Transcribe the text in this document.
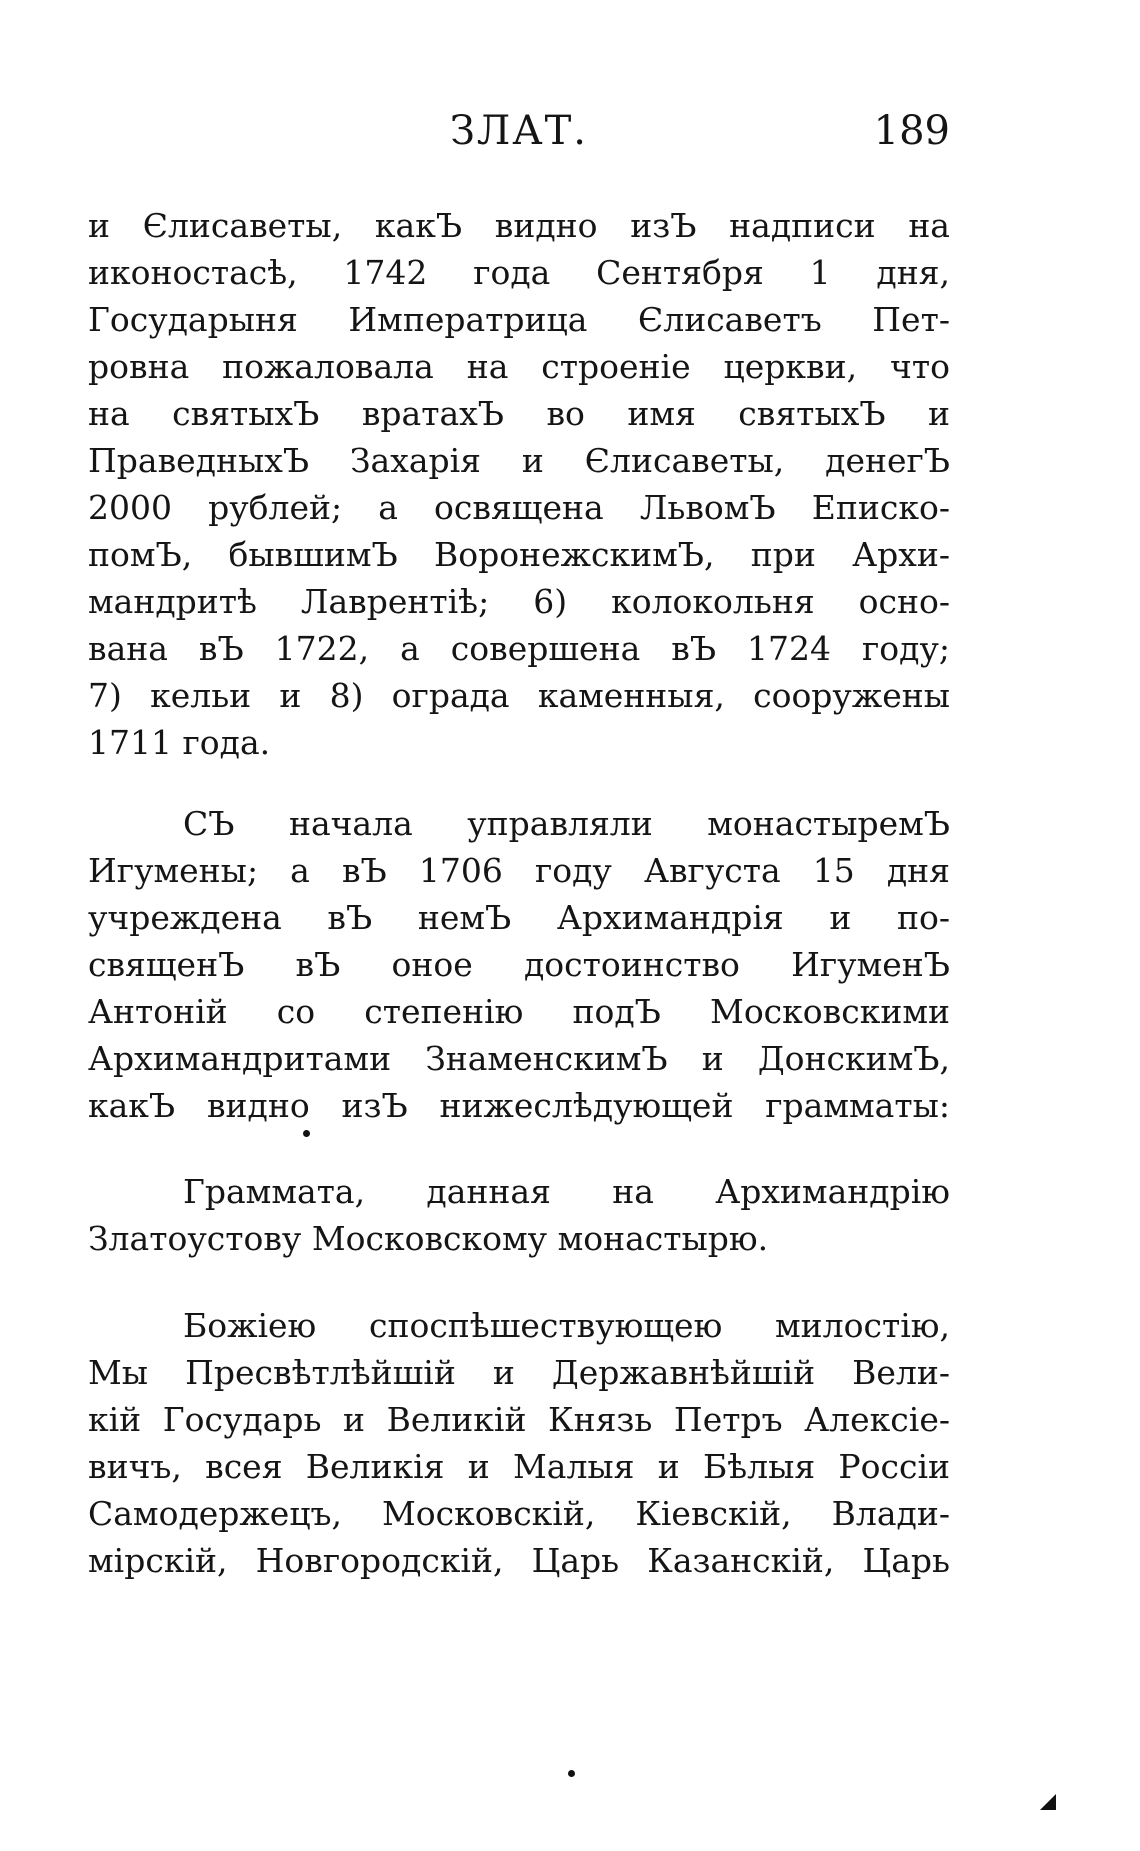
ЗЛАТ.	189
и Єлисаветы, какЪ видно изЪ надписи на
иконостасѣ, 1742 года Сентября 1 дня,
Государыня Императрица Єлисаветъ Пет-
ровна пожаловала на строеніе церкви, что
на святыхЪ вратахЪ во имя святыхЪ и
ПраведныхЪ Захарія и Єлисаветы, денегЪ
2000 рублей; а освящена ЛьвомЪ Еписко-
помЪ, бывшимЪ ВоронежскимЪ, при Архи-
мандритѣ Лаврентіѣ; 6) колокольня осно-
вана вЪ 1722, а совершена вЪ 1724 году;
7) кельи и 8) ограда каменныя, сооружены
1711 года.
СЪ начала управляли монастыремЪ
Игумены; а вЪ 1706 году Августа 15 дня
учреждена вЪ немЪ Архимандрія и по-
священЪ вЪ оное достоинство ИгуменЪ
Антоній со степенію подЪ Московскими
Архимандритами ЗнаменскимЪ и ДонскимЪ,
какЪ видно изЪ нижеслѣдующей граммaты:
Граммата, данная на Архимандрію
Златоустову Московскому монастырю.
Божіею споспѣшествующею милостію,
Мы Пресвѣтлѣйшій и Державнѣйшій Вели-
кій Государь и Великій Князь Петръ Алексіе-
вичъ, всея Великія и Малыя и Бѣлыя Россіи
Самодержецъ, Московскій, Кіевскій, Влади-
мірскій, Новгородскій, Царь Казанскій, Царь
